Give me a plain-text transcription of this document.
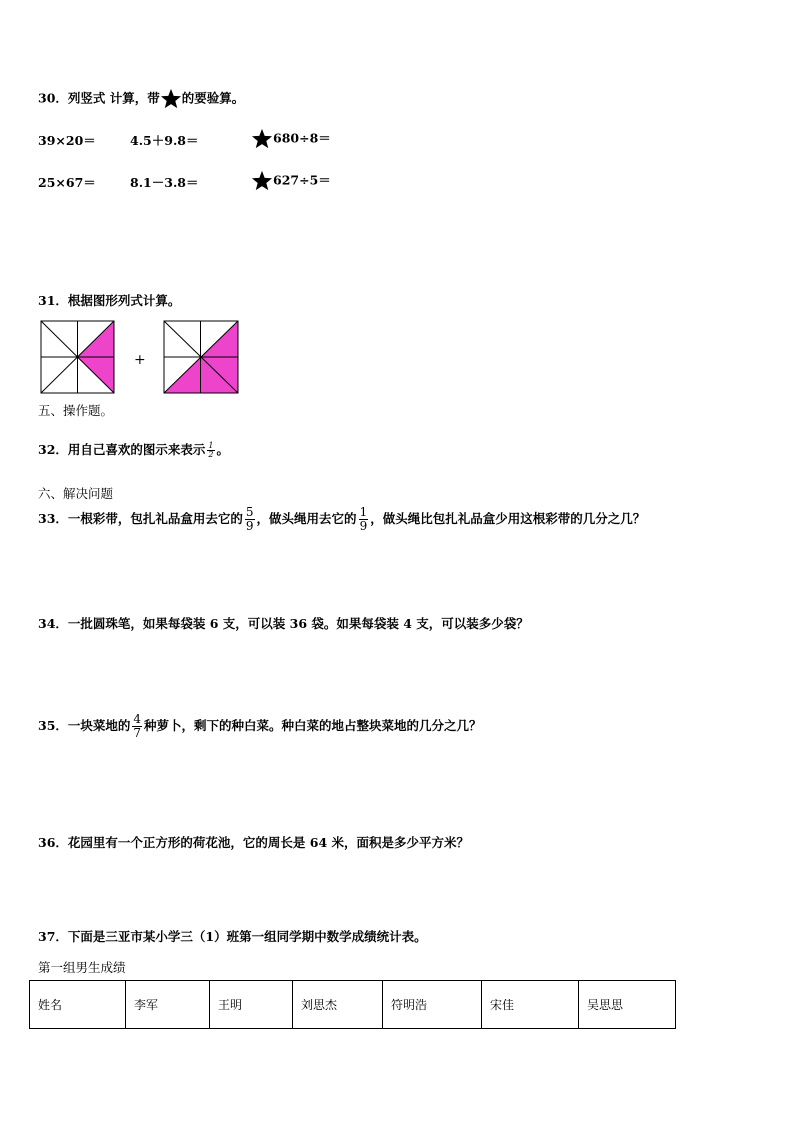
30．列竖式 计算，带 的要验算。
39×20＝	4.5＋9.8＝	680÷8＝
25×67＝	8.1－3.8＝	627÷5＝
31．根据图形列式计算。
+
五、操作题。
32．用自己喜欢的图示来表示 $\frac{1}{2}$ 。
六、解决问题
33．一根彩带，包扎礼品盒用去它的 $\frac{5}{9}$ ，做头绳用去它的 $\frac{1}{9}$ ，做头绳比包扎礼品盒少用这根彩带的几分之几？
34．一批圆珠笔，如果每袋装 6 支，可以装 36 袋。如果每袋装 4 支，可以装多少袋？
35．一块菜地的 $\frac{4}{7}$ 种萝卜，剩下的种白菜。种白菜的地占整块菜地的几分之几？
36．花园里有一个正方形的荷花池，它的周长是 64 米，面积是多少平方米？
37．下面是三亚市某小学三（1）班第一组同学期中数学成绩统计表。
第一组男生成绩
姓名	李军	王明	刘思杰	符明浩	宋佳	吴思思
